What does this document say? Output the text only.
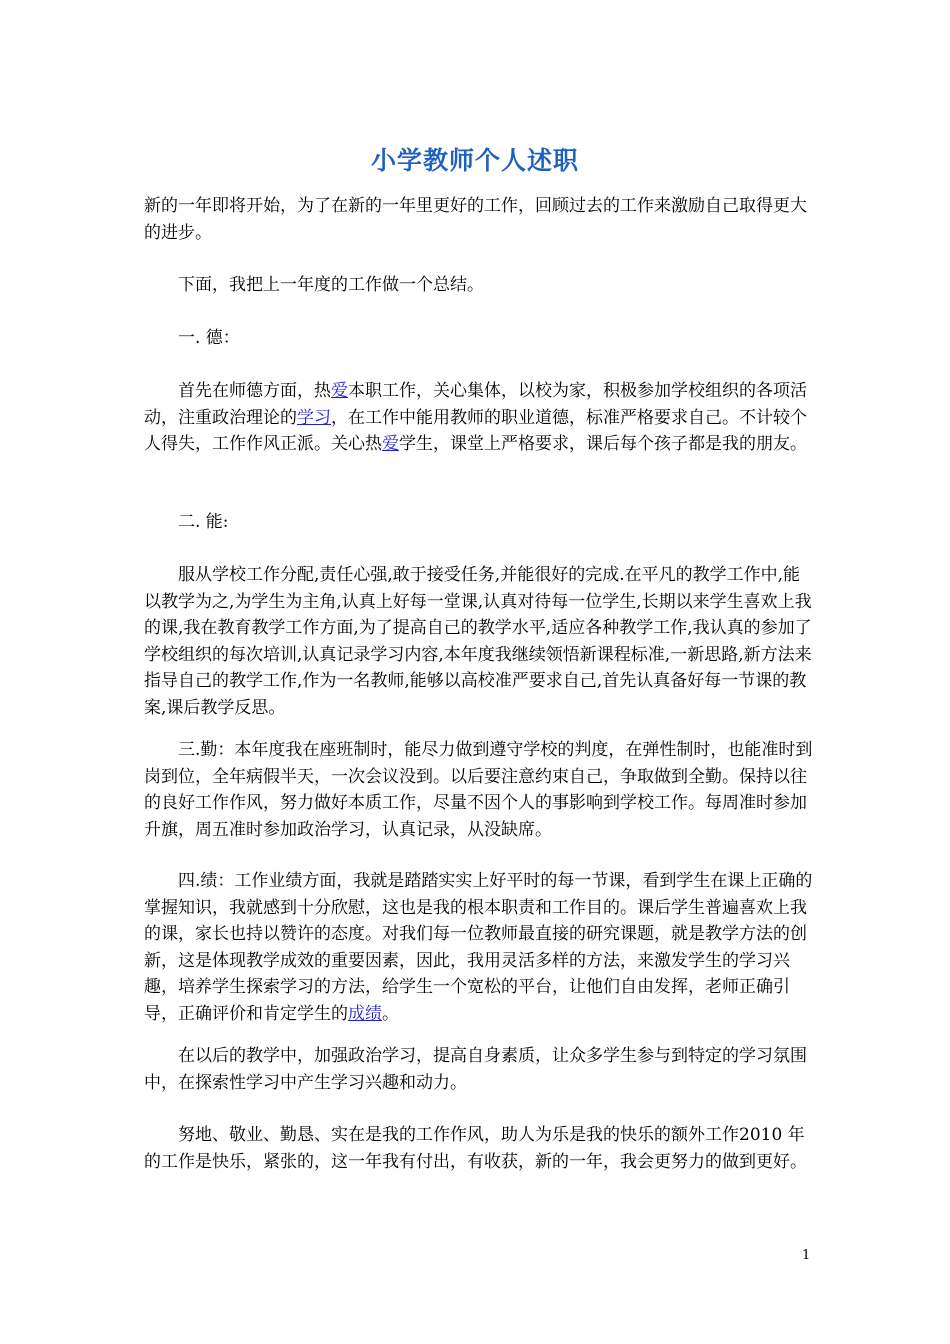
小学教师个人述职
新的一年即将开始，为了在新的一年里更好的工作，回顾过去的工作来激励自己取得更大的进步。
下面，我把上一年度的工作做一个总结。
一. 德：
首先在师德方面，热爱本职工作，关心集体，以校为家，积极参加学校组织的各项活动，注重政治理论的学习，在工作中能用教师的职业道德，标准严格要求自己。不计较个人得失，工作作风正派。关心热爱学生，课堂上严格要求，课后每个孩子都是我的朋友。
二. 能:
服从学校工作分配,责任心强,敢于接受任务,并能很好的完成.在平凡的教学工作中,能以教学为之,为学生为主角,认真上好每一堂课,认真对待每一位学生,长期以来学生喜欢上我的课,我在教育教学工作方面,为了提高自己的教学水平,适应各种教学工作,我认真的参加了学校组织的每次培训,认真记录学习内容,本年度我继续领悟新课程标准,一新思路,新方法来指导自己的教学工作,作为一名教师,能够以高校准严要求自己,首先认真备好每一节课的教案,课后教学反思。
三.勤：本年度我在座班制时，能尽力做到遵守学校的判度，在弹性制时，也能准时到岗到位，全年病假半天，一次会议没到。以后要注意约束自己，争取做到全勤。保持以往的良好工作作风，努力做好本质工作，尽量不因个人的事影响到学校工作。每周准时参加升旗，周五准时参加政治学习，认真记录，从没缺席。
四.绩：工作业绩方面，我就是踏踏实实上好平时的每一节课，看到学生在课上正确的掌握知识，我就感到十分欣慰，这也是我的根本职责和工作目的。课后学生普遍喜欢上我的课，家长也持以赞许的态度。对我们每一位教师最直接的研究课题，就是教学方法的创新，这是体现教学成效的重要因素，因此，我用灵活多样的方法，来激发学生的学习兴趣，培养学生探索学习的方法，给学生一个宽松的平台，让他们自由发挥，老师正确引导，正确评价和肯定学生的成绩。
在以后的教学中，加强政治学习，提高自身素质，让众多学生参与到特定的学习氛围中，在探索性学习中产生学习兴趣和动力。
努地、敬业、勤恳、实在是我的工作作风，助人为乐是我的快乐的额外工作2010 年的工作是快乐，紧张的，这一年我有付出，有收获，新的一年，我会更努力的做到更好。
1
